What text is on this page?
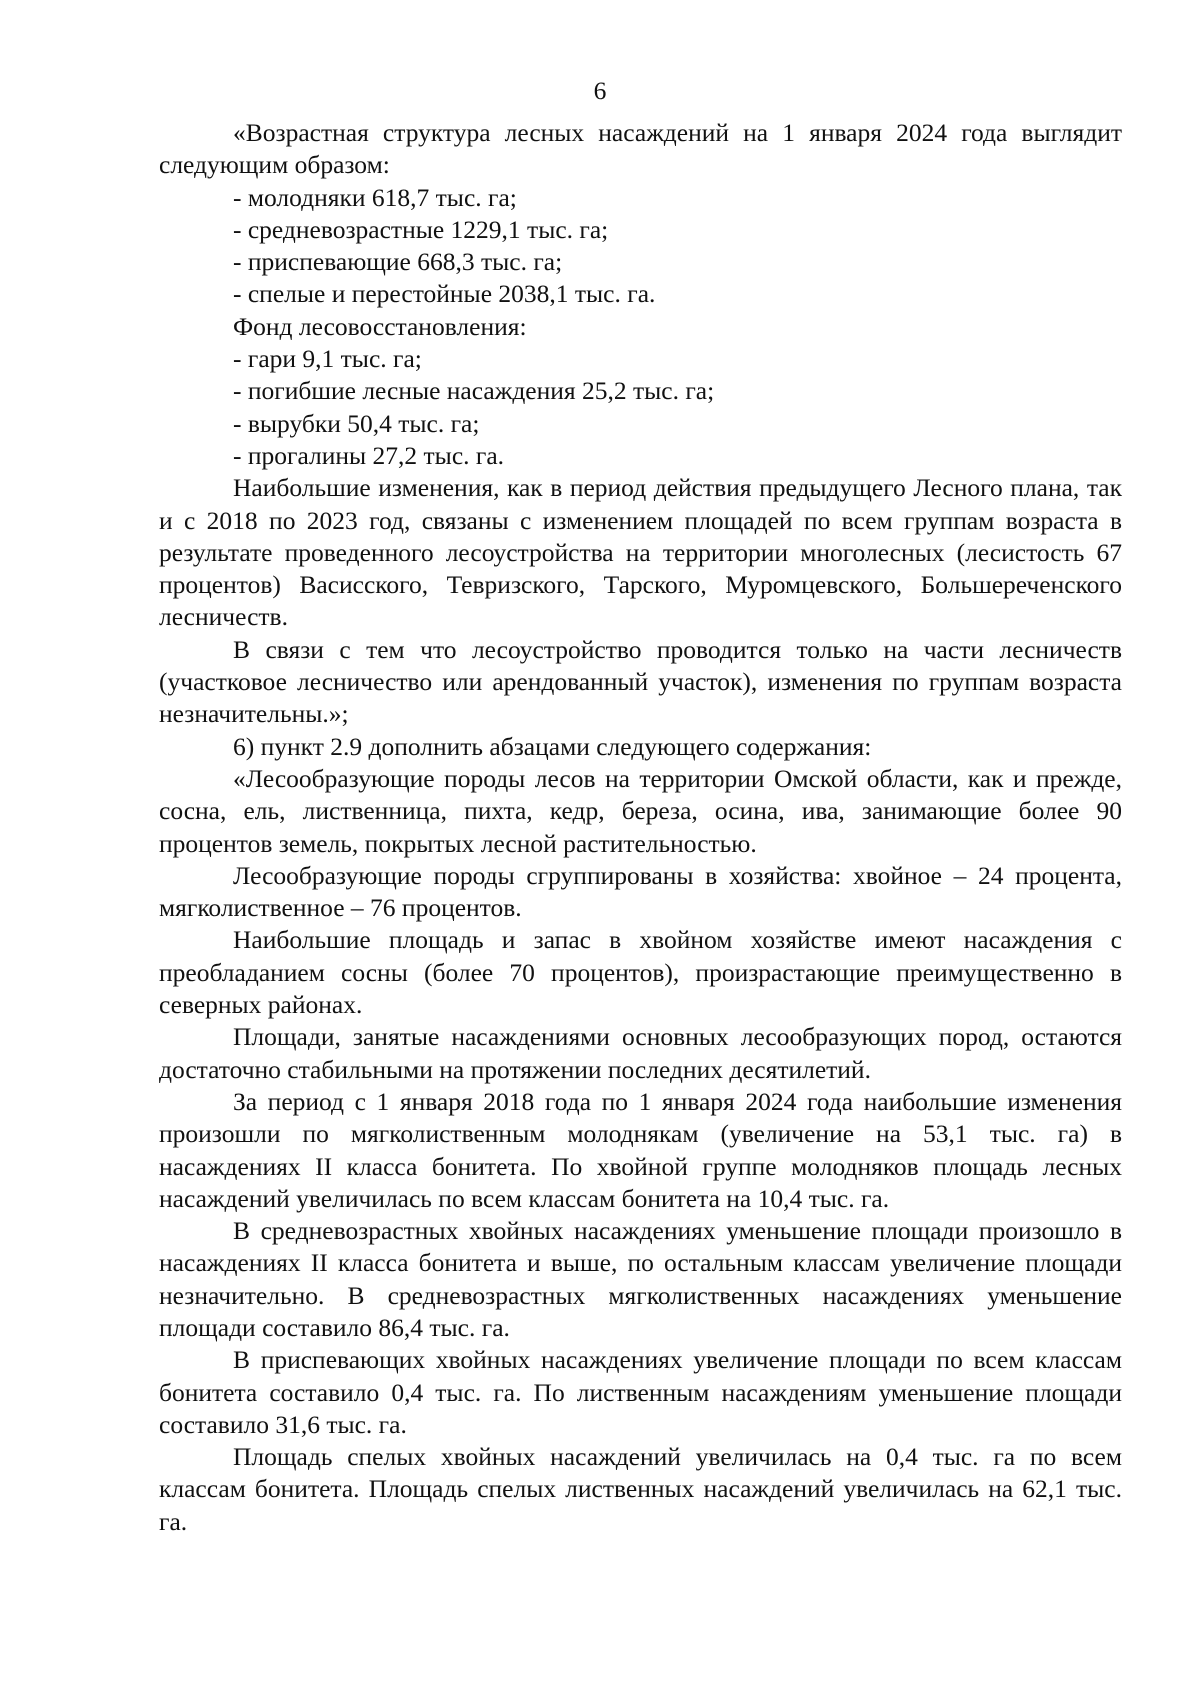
6

«Возрастная структура лесных насаждений на 1 января 2024 года выглядит следующим образом:

- молодняки 618,7 тыс. га;

- средневозрастные 1229,1 тыс. га;

- приспевающие 668,3 тыс. га;

- спелые и перестойные 2038,1 тыс. га.

Фонд лесовосстановления:

- гари 9,1 тыс. га;

- погибшие лесные насаждения 25,2 тыс. га;

- вырубки 50,4 тыс. га;

- прогалины 27,2 тыс. га.

Наибольшие изменения, как в период действия предыдущего Лесного плана, так и с 2018 по 2023 год, связаны с изменением площадей по всем группам возраста в результате проведенного лесоустройства на территории многолесных (лесистость 67 процентов) Васисского, Тевризского, Тарского, Муромцевского, Большереченского лесничеств.

В связи с тем что лесоустройство проводится только на части лесничеств (участковое лесничество или арендованный участок), изменения по группам возраста незначительны.»;

6) пункт 2.9 дополнить абзацами следующего содержания:

«Лесообразующие породы лесов на территории Омской области, как и прежде, сосна, ель, лиственница, пихта, кедр, береза, осина, ива, занимающие более 90 процентов земель, покрытых лесной растительностью.

Лесообразующие породы сгруппированы в хозяйства: хвойное – 24 процента, мягколиственное – 76 процентов.

Наибольшие площадь и запас в хвойном хозяйстве имеют насаждения с преобладанием сосны (более 70 процентов), произрастающие преимущественно в северных районах.

Площади, занятые насаждениями основных лесообразующих пород, остаются достаточно стабильными на протяжении последних десятилетий.

За период с 1 января 2018 года по 1 января 2024 года наибольшие изменения произошли по мягколиственным молоднякам (увеличение на 53,1 тыс. га) в насаждениях II класса бонитета. По хвойной группе молодняков площадь лесных насаждений увеличилась по всем классам бонитета на 10,4 тыс. га.

В средневозрастных хвойных насаждениях уменьшение площади произошло в насаждениях II класса бонитета и выше, по остальным классам увеличение площади незначительно. В средневозрастных мягколиственных насаждениях уменьшение площади составило 86,4 тыс. га.

В приспевающих хвойных насаждениях увеличение площади по всем классам бонитета составило 0,4 тыс. га. По лиственным насаждениям уменьшение площади составило 31,6 тыс. га.

Площадь спелых хвойных насаждений увеличилась на 0,4 тыс. га по всем классам бонитета. Площадь спелых лиственных насаждений увеличилась на 62,1 тыс. га.
